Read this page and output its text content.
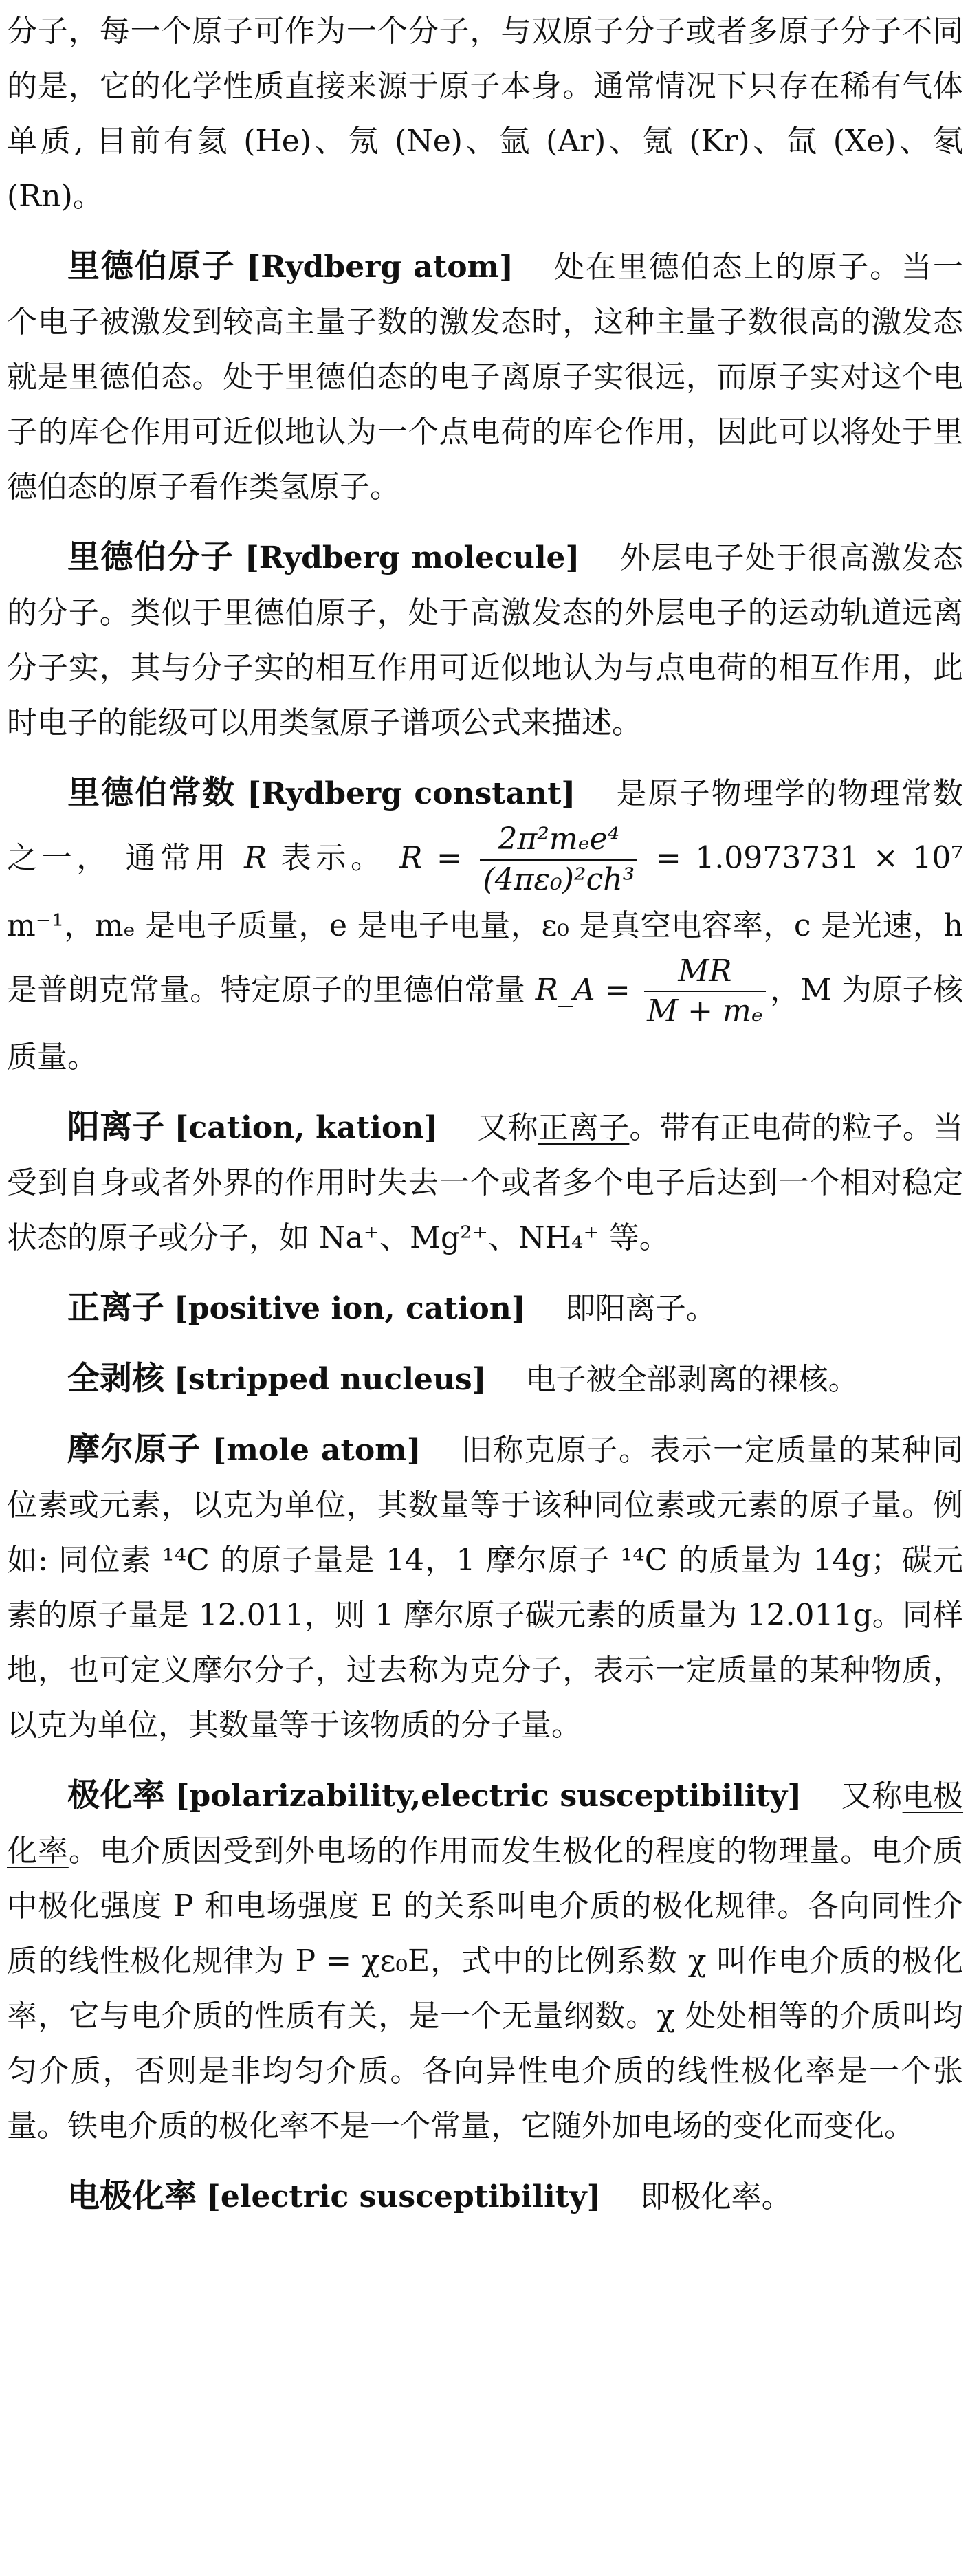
分子，每一个原子可作为一个分子，与双原子分子或者多原子分子不同的是，它的化学性质直接来源于原子本身。通常情况下只存在稀有气体单质, 目前有氦 (He)、氖 (Ne)、氩 (Ar)、氪 (Kr)、氙 (Xe)、氡 (Rn)。

里德伯原子 [Rydberg atom] 处在里德伯态上的原子。当一个电子被激发到较高主量子数的激发态时，这种主量子数很高的激发态就是里德伯态。处于里德伯态的电子离原子实很远，而原子实对这个电子的库仑作用可近似地认为一个点电荷的库仑作用，因此可以将处于里德伯态的原子看作类氢原子。

里德伯分子 [Rydberg molecule] 外层电子处于很高激发态的分子。类似于里德伯原子，处于高激发态的外层电子的运动轨道远离分子实，其与分子实的相互作用可近似地认为与点电荷的相互作用，此时电子的能级可以用类氢原子谱项公式来描述。

里德伯常数 [Rydberg constant] 是原子物理学的物理常数之一， 通常用 R 表示。 $R = \frac{\text{2π²mₑe⁴}}{\text{(4πε₀)²ch³}} = 1.0973731 \times 10^7$ m⁻¹，mₑ 是电子质量，e 是电子电量，ε₀ 是真空电容率，c 是光速，h 是普朗克常量。特定原子的里德伯常量 R_A = $\frac{MR}{\text{M + mₑ}}$ ，M 为原子核质量。

阳离子 [cation, kation] 又称正离子。带有正电荷的粒子。当受到自身或者外界的作用时失去一个或者多个电子后达到一个相对稳定状态的原子或分子，如 Na⁺、Mg²⁺、NH₄⁺ 等。

正离子 [positive ion, cation] 即阳离子。

全剥核 [stripped nucleus] 电子被全部剥离的裸核。

摩尔原子 [mole atom] 旧称克原子。表示一定质量的某种同位素或元素，以克为单位，其数量等于该种同位素或元素的原子量。例如: 同位素 ¹⁴C 的原子量是 14，1 摩尔原子 ¹⁴C 的质量为 14g；碳元素的原子量是 12.011，则 1 摩尔原子碳元素的质量为 12.011g。同样地，也可定义摩尔分子，过去称为克分子，表示一定质量的某种物质，以克为单位，其数量等于该物质的分子量。

极化率 [polarizability,electric susceptibility] 又称电极化率。电介质因受到外电场的作用而发生极化的程度的物理量。电介质中极化强度 P 和电场强度 E 的关系叫电介质的极化规律。各向同性介质的线性极化规律为 P = χε₀E，式中的比例系数 χ 叫作电介质的极化率，它与电介质的性质有关，是一个无量纲数。χ 处处相等的介质叫均匀介质，否则是非均匀介质。各向异性电介质的线性极化率是一个张量。铁电介质的极化率不是一个常量，它随外加电场的变化而变化。

电极化率 [electric susceptibility] 即极化率。
